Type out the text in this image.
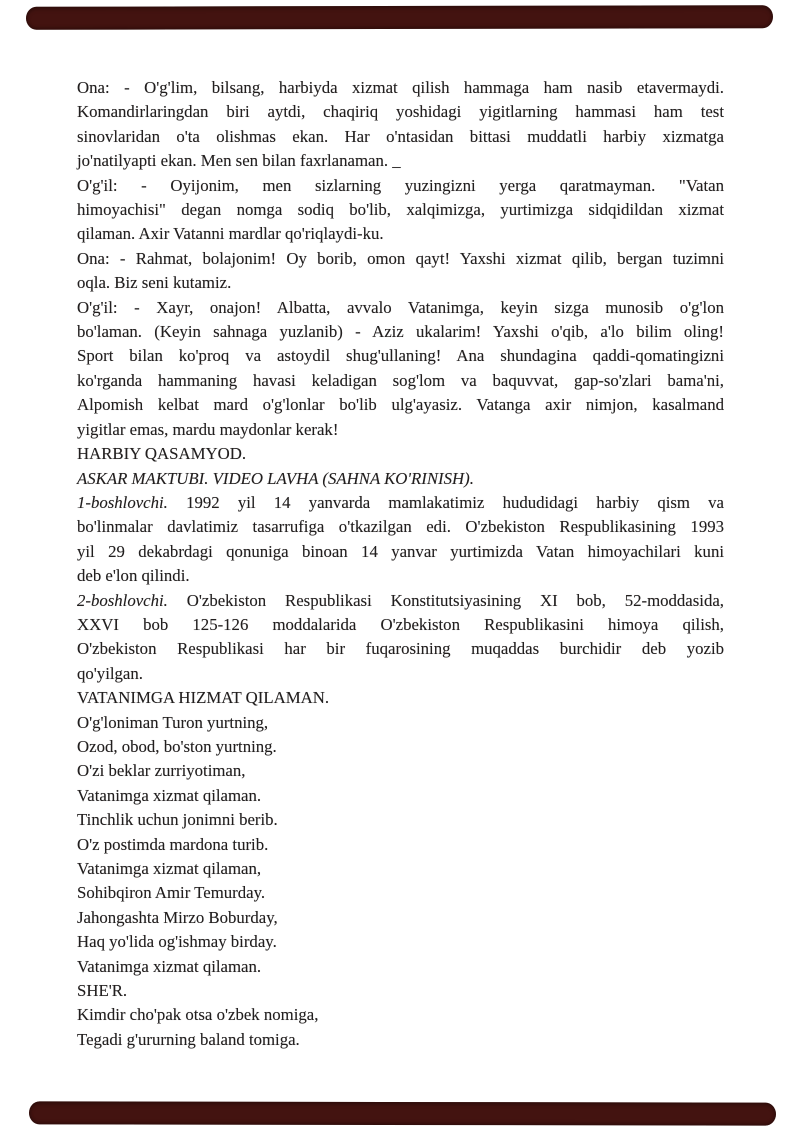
Ona: - O'g'lim, bilsang, harbiyda xizmat qilish hammaga ham nasib etavermaydi.
Komandirlaringdan biri aytdi, chaqiriq yoshidagi yigitlarning hammasi ham test
sinovlaridan o'ta olishmas ekan. Har o'ntasidan bittasi muddatli harbiy xizmatga
jo'natilyapti ekan. Men sen bilan faxrlanaman. _
O'g'il: - Oyijonim, men sizlarning yuzingizni yerga qaratmayman. "Vatan
himoyachisi" degan nomga sodiq bo'lib, xalqimizga, yurtimizga sidqidildan xizmat
qilaman. Axir Vatanni mardlar qo'riqlaydi-ku.
Ona: - Rahmat, bolajonim! Oy borib, omon qayt! Yaxshi xizmat qilib, bergan tuzimni
oqla. Biz seni kutamiz.
O'g'il: - Xayr, onajon! Albatta, avvalo Vatanimga, keyin sizga munosib o'g'lon
bo'laman. (Keyin sahnaga yuzlanib) - Aziz ukalarim! Yaxshi o'qib, a'lo bilim oling!
Sport bilan ko'proq va astoydil shug'ullaning! Ana shundagina qaddi-qomatingizni
ko'rganda hammaning havasi keladigan sog'lom va baquvvat, gap-so'zlari bama'ni,
Alpomish kelbat mard o'g'lonlar bo'lib ulg'ayasiz. Vatanga axir nimjon, kasalmand
yigitlar emas, mardu maydonlar kerak!
HARBIY QASAMYOD.
ASKAR MAKTUBI. VIDEO LAVHA (SAHNA KO'RINISH).
1-boshlovchi. 1992 yil 14 yanvarda mamlakatimiz hududidagi harbiy qism va
bo'linmalar davlatimiz tasarrufiga o'tkazilgan edi. O'zbekiston Respublikasining 1993
yil 29 dekabrdagi qonuniga binoan 14 yanvar yurtimizda Vatan himoyachilari kuni
deb e'lon qilindi.
2-boshlovchi. O'zbekiston Respublikasi Konstitutsiyasining XI bob, 52-moddasida,
XXVI bob 125-126 moddalarida O'zbekiston Respublikasini himoya qilish,
O'zbekiston Respublikasi har bir fuqarosining muqaddas burchidir deb yozib
qo'yilgan.
VATANIMGA HIZMAT QILAMAN.
O'g'loniman Turon yurtning,
Ozod, obod, bo'ston yurtning.
O'zi beklar zurriyotiman,
Vatanimga xizmat qilaman.
Tinchlik uchun jonimni berib.
O'z postimda mardona turib.
Vatanimga xizmat qilaman,
Sohibqiron Amir Temurday.
Jahongashta Mirzo Boburday,
Haq yo'lida og'ishmay birday.
Vatanimga xizmat qilaman.
SHE'R.
Kimdir cho'pak otsa o'zbek nomiga,
Tegadi g'ururning baland tomiga.
